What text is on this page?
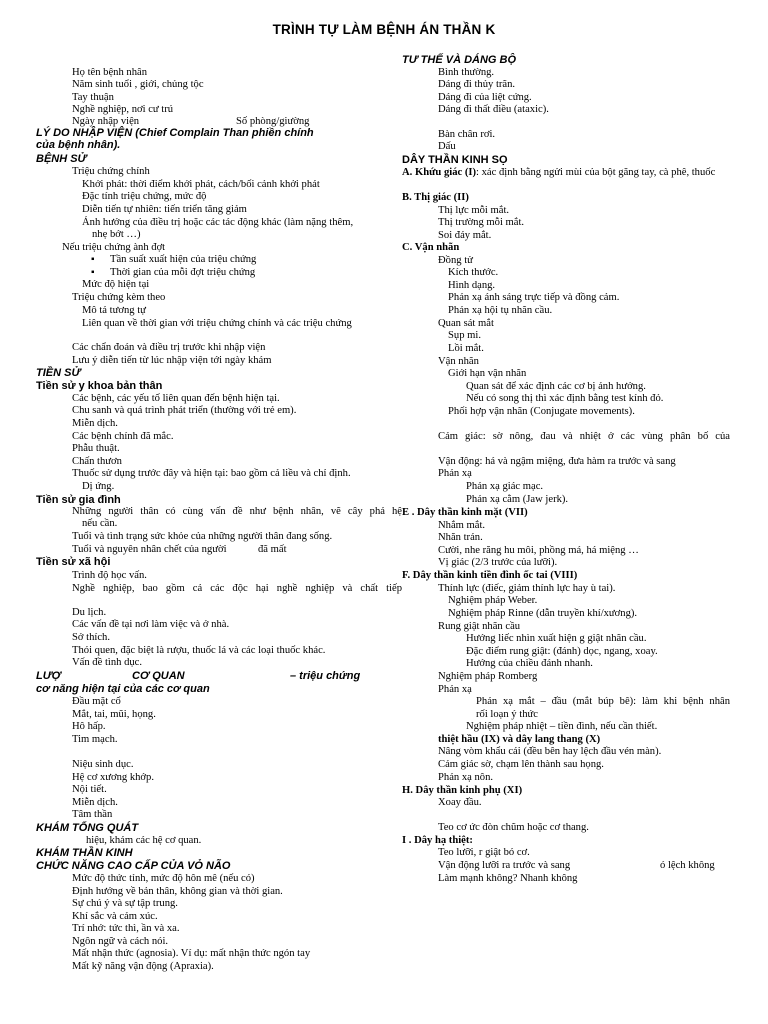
TRÌNH TỰ LÀM BỆNH ÁN THẦN K
Họ tên bệnh nhân
Năm sinh tuổi , giới, chủng tộc
Tay thuận
Nghề nghiệp, nơi cư trú
Ngày nhập viện	Số phòng/giường
LÝ DO NHẬP VIỆN (Chief Complain Than phiền chính
của bệnh nhân).
BỆNH SỬ
Triệu chứng chính
Khởi phát: thời điểm khởi phát, cách/bối cảnh khởi phát
Đặc tính triệu chứng, mức độ
Diễn tiến tự nhiên: tiến triển tăng giảm
Ảnh hưởng của điều trị hoặc các tác động khác (làm nặng thêm,
nhẹ bớt …)
Nếu triệu chứng ành đợt
▪ Tần suất xuất hiện của triệu chứng
▪ Thời gian của mỗi đợt triệu chứng
Mức độ hiện tại
Triệu chứng kèm theo
Mô tả tương tự
Liên quan về thời gian với triệu chứng chính và các triệu chứng
Các chẩn đoán và điều trị trước khi nhập viện
Lưu ý diễn tiến từ lúc nhập viện tới ngày khám
TIỀN SỬ
Tiền sử y khoa bản thân
Các bệnh, các yếu tố liên quan đến bệnh hiện tại.
Chu sanh và quá trình phát triển (thường với trẻ em).
Miễn dịch.
Các bệnh chính đã mắc.
Phẫu thuật.
Chấn thươn
Thuốc sử dụng trước đây và hiện tại: bao gồm cả liều và chỉ định.
Dị ứng.
Tiền sử gia đình
Những người thân có cùng vấn đề như bệnh nhân, vẽ cây phả hệ
nếu cần.
Tuổi và tình trạng sức khỏe của những người thân đang sống.
Tuổi và nguyên nhân chết của người	đã mất
Tiền sử xã hội
Trình độ học vấn.
Nghề nghiệp, bao gồm cả các độc hại nghề nghiệp và chất tiếp
Du lịch.
Các vấn đề tại nơi làm việc và ở nhà.
Sở thích.
Thói quen, đặc biệt là rượu, thuốc lá và các loại thuốc khác.
Vấn đề tình dục.
LƯỢ	CƠ QUAN	– triệu chứng
cơ năng hiện tại của các cơ quan
Đầu mặt cổ
Mắt, tai, mũi, họng.
Hô hấp.
Tim mạch.
Niệu sinh dục.
Hệ cơ xương khớp.
Nội tiết.
Miễn dịch.
Tâm thần
KHÁM TỔNG QUÁT
hiệu, khám các hệ cơ quan.
KHÁM THẦN KINH
CHỨC NĂNG CAO CẤP CỦA VỎ NÃO
Mức độ thức tỉnh, mức độ hôn mê (nếu có)
Định hướng về bản thân, không gian và thời gian.
Sự chú ý và sự tập trung.
Khí sắc và cảm xúc.
Trí nhớ: tức thì, ần và xa.
Ngôn ngữ và cách nói.
Mất nhận thức (agnosia). Ví dụ: mất nhận thức ngón tay
Mất kỹ năng vận động (Apraxia).
TƯ THẾ VÀ DÁNG BỘ
Bình thường.
Dáng đi thủy trãn.
Dáng đi của liệt cứng.
Dáng đi thất điều (ataxic).
Bàn chân rơi.
Dấu
DÂY THẦN KINH SỌ
A. Khứu giác (I): xác định bằng ngửi mùi của bột găng tay, cà phê, thuốc
B. Thị giác (II)
Thị lực mỗi mắt.
Thị trường mỗi mắt.
Soi đáy mắt.
C. Vận nhãn
Đồng tử
Kích thước.
Hình dạng.
Phản xạ ánh sáng trực tiếp và đồng cảm.
Phản xạ hội tụ nhãn cầu.
Quan sát mắt
Sụp mi.
Lồi mắt.
Vận nhãn
Giới hạn vận nhãn
Quan sát để xác định các cơ bị ảnh hưởng.
Nếu có song thị thì xác định bằng test kính đỏ.
Phối hợp vận nhãn (Conjugate movements).
Cảm giác: sờ nông, đau và nhiệt ở các vùng phân bố của
Vận động: há và ngậm miệng, đưa hàm ra trước và sang
Phản xạ
Phản xạ giác mạc.
Phản xạ cằm (Jaw jerk).
E . Dây thần kinh mặt (VII)
Nhắm mắt.
Nhăn trán.
Cười, nhe răng hu môi, phồng má, há miệng …
Vị giác (2/3 trước của lưỡi).
F. Dây thần kinh tiền đình ốc tai (VIII)
Thính lực (điếc, giảm thính lực hay ù tai).
Nghiệm pháp Weber.
Nghiệm pháp Rinne (dẫn truyền khí/xương).
Rung giật nhãn cầu
Hướng liếc nhìn xuất hiện g giật nhãn cầu.
Đặc điểm rung giật: (đánh) dọc, ngang, xoay.
Hướng của chiều đánh nhanh.
Nghiệm pháp Romberg
Phản xạ
Phản xạ mắt – đầu (mắt búp bê): làm khi bệnh nhân
rối loạn ý thức
Nghiệm pháp nhiệt – tiền đình, nếu cần thiết.
thiệt hầu (IX) và dây lang thang (X)
Nâng vòm khẩu cái (đều bên hay lệch đầu vén màn).
Cảm giác sờ, chạm lên thành sau họng.
Phản xạ nôn.
H. Dây thần kinh phụ (XI)
Xoay đầu.
Teo cơ ức đòn chũm hoặc cơ thang.
I . Dây hạ thiệt:
Teo lưỡi, r giật bó cơ.
Vận động lưỡi ra trước và sang	ó lệch không
Làm mạnh không? Nhanh không
